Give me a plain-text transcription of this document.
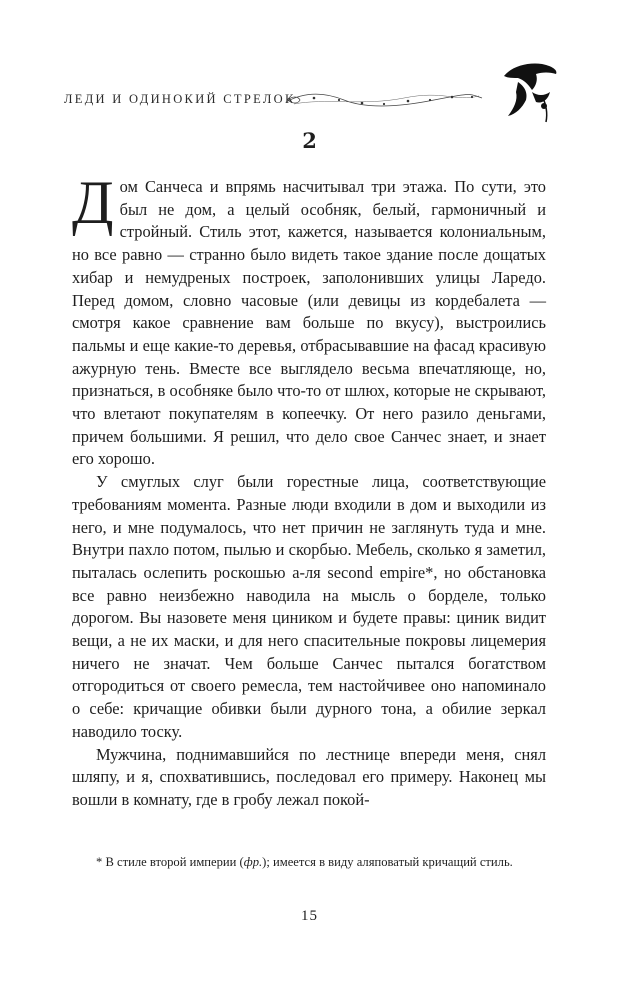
ЛЕДИ И ОДИНОКИЙ СТРЕЛОК
2

Дом Санчеса и впрямь насчитывал три этажа. По сути, это был не дом, а целый особняк, белый, гармоничный и стройный. Стиль этот, кажется, называется колониальным, но все равно — странно было видеть такое здание после дощатых хибар и немудреных построек, заполонивших улицы Ларедо. Перед домом, словно часовые (или девицы из кордебалета — смотря какое сравнение вам больше по вкусу), выстроились пальмы и еще какие-то деревья, отбрасывавшие на фасад красивую ажурную тень. Вместе все выглядело весьма впечатляюще, но, признаться, в особняке было что-то от шлюх, которые не скрывают, что влетают покупателям в копеечку. От него разило деньгами, причем большими. Я решил, что дело свое Санчес знает, и знает его хорошо.

У смуглых слуг были горестные лица, соответствующие требованиям момента. Разные люди входили в дом и выходили из него, и мне подумалось, что нет причин не заглянуть туда и мне. Внутри пахло потом, пылью и скорбью. Мебель, сколько я заметил, пыталась ослепить роскошью а-ля second empire*, но обстановка все равно неизбежно наводила на мысль о борделе, только дорогом. Вы назовете меня циником и будете правы: циник видит вещи, а не их маски, и для него спасительные покровы лицемерия ничего не значат. Чем больше Санчес пытался богатством отгородиться от своего ремесла, тем настойчивее оно напоминало о себе: кричащие обивки были дурного тона, а обилие зеркал наводило тоску.

Мужчина, поднимавшийся по лестнице впереди меня, снял шляпу, и я, спохватившись, последовал его примеру. Наконец мы вошли в комнату, где в гробу лежал покой-

* В стиле второй империи (фр.); имеется в виду аляповатый кричащий стиль.
15
